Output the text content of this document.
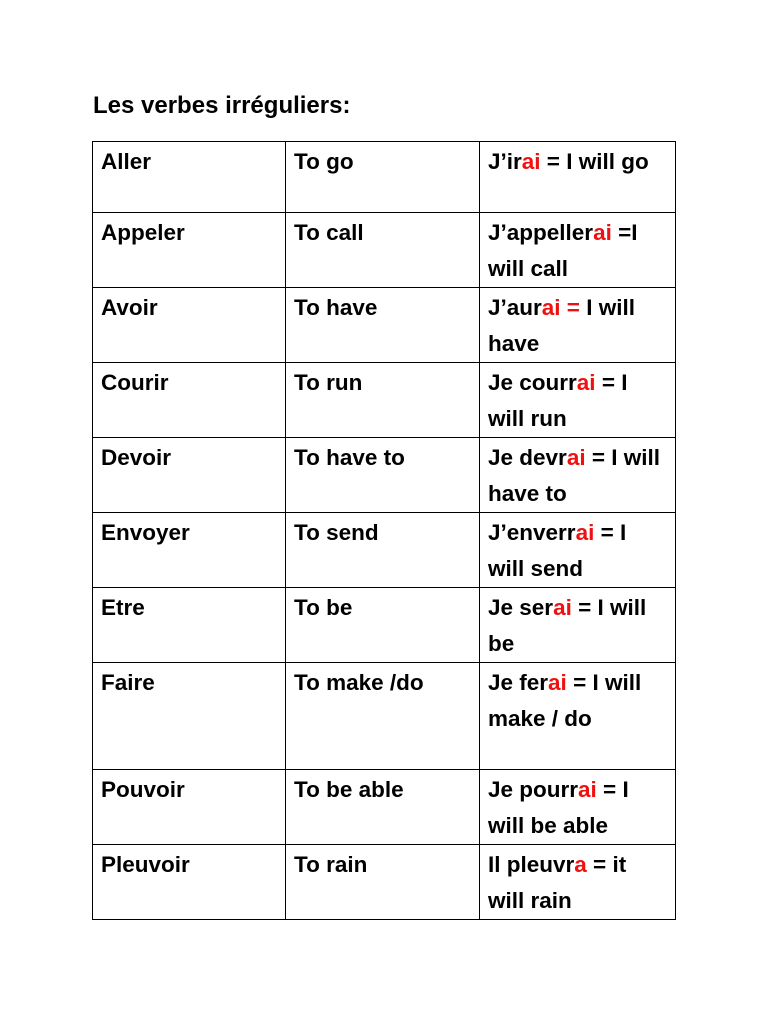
Les verbes irréguliers:
Aller	To go	J’irai = I will go
Appeler	To call	J’appellerai =I will call
Avoir	To have	J’aurai = I will have
Courir	To run	Je courrai = I will run
Devoir	To have to	Je devrai = I will have to
Envoyer	To send	J’enverrai = I will send
Etre	To be	Je serai = I will be
Faire	To make /do	Je ferai = I will make / do
Pouvoir	To be able	Je pourrai = I will be able
Pleuvoir	To rain	Il pleuvra = it will rain
